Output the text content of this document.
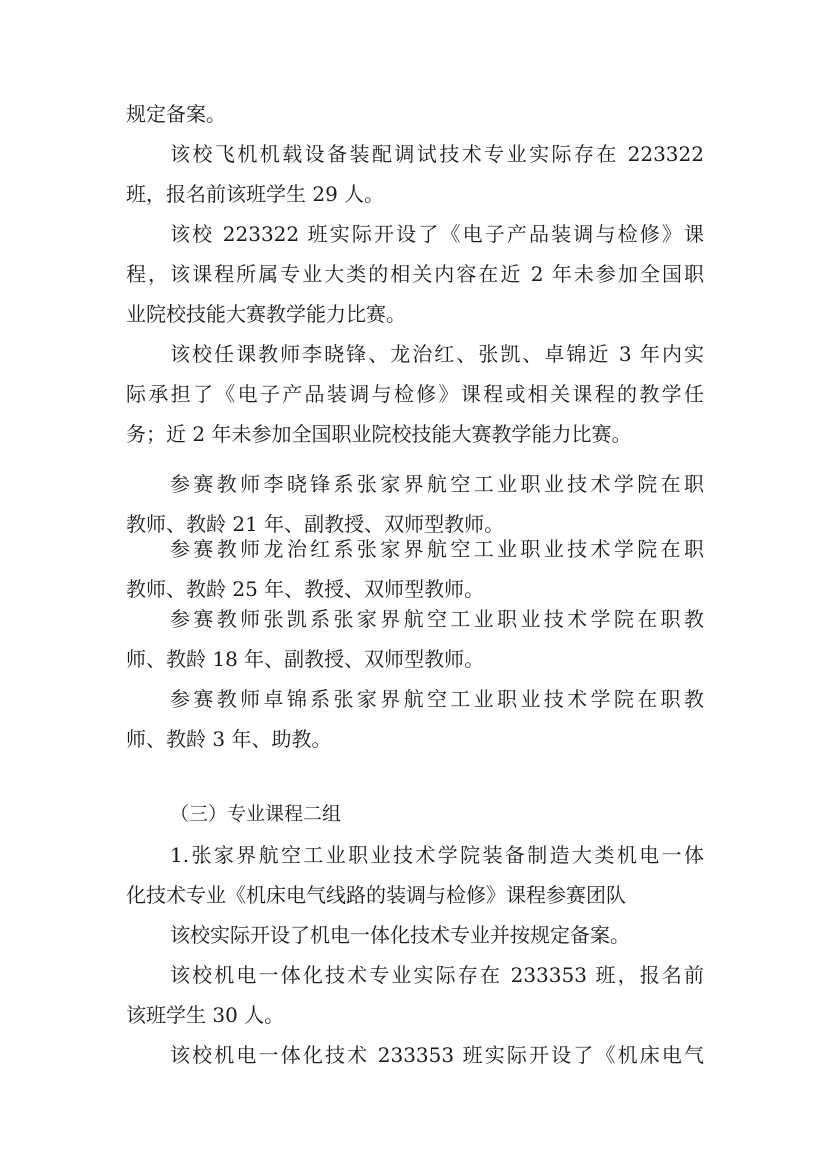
规定备案。
该校飞机机载设备装配调试技术专业实际存在 223322
班，报名前该班学生 29 人。
该校 223322 班实际开设了《电子产品装调与检修》课
程，该课程所属专业大类的相关内容在近 2 年未参加全国职
业院校技能大赛教学能力比赛。
该校任课教师李晓锋、龙治红、张凯、卓锦近 3 年内实
际承担了《电子产品装调与检修》课程或相关课程的教学任
务；近 2 年未参加全国职业院校技能大赛教学能力比赛。
参赛教师李晓锋系张家界航空工业职业技术学院在职
教师、教龄 21 年、副教授、双师型教师。
参赛教师龙治红系张家界航空工业职业技术学院在职
教师、教龄 25 年、教授、双师型教师。
参赛教师张凯系张家界航空工业职业技术学院在职教
师、教龄 18 年、副教授、双师型教师。
参赛教师卓锦系张家界航空工业职业技术学院在职教
师、教龄 3 年、助教。
（三）专业课程二组
1.张家界航空工业职业技术学院装备制造大类机电一体
化技术专业《机床电气线路的装调与检修》课程参赛团队
该校实际开设了机电一体化技术专业并按规定备案。
该校机电一体化技术专业实际存在 233353 班，报名前
该班学生 30 人。
该校机电一体化技术 233353 班实际开设了《机床电气
